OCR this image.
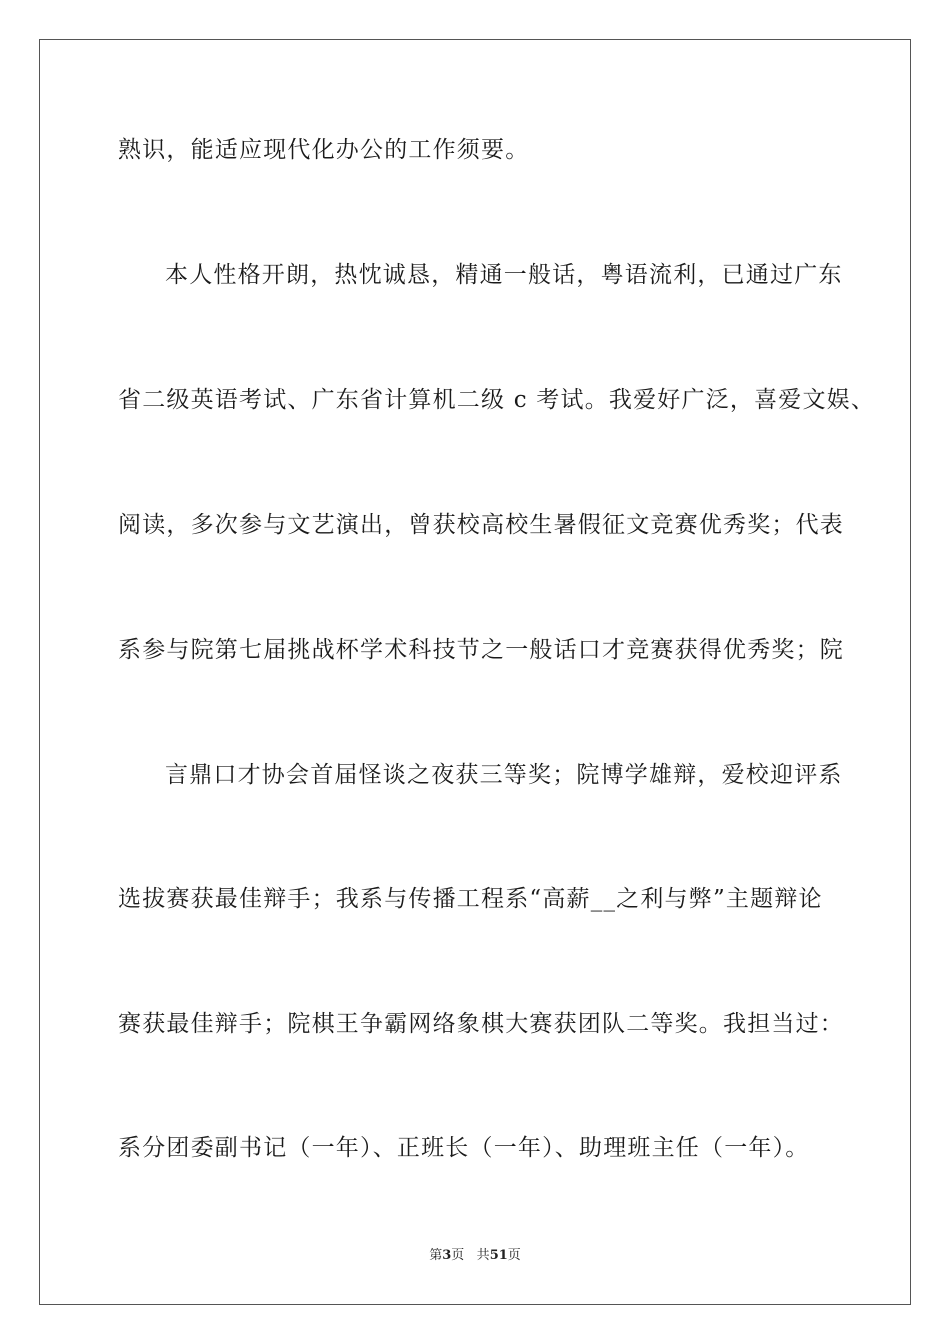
熟识，能适应现代化办公的工作须要。
本人性格开朗，热忱诚恳，精通一般话，粤语流利，已通过广东
省二级英语考试、广东省计算机二级 c 考试。我爱好广泛，喜爱文娱、
阅读，多次参与文艺演出，曾获校高校生暑假征文竞赛优秀奖；代表
系参与院第七届挑战杯学术科技节之一般话口才竞赛获得优秀奖；院
言鼎口才协会首届怪谈之夜获三等奖；院博学雄辩，爱校迎评系
选拔赛获最佳辩手；我系与传播工程系“高薪__之利与弊”主题辩论
赛获最佳辩手；院棋王争霸网络象棋大赛获团队二等奖。我担当过：
系分团委副书记（一年）、正班长（一年）、助理班主任（一年）。
第3页 共51页
